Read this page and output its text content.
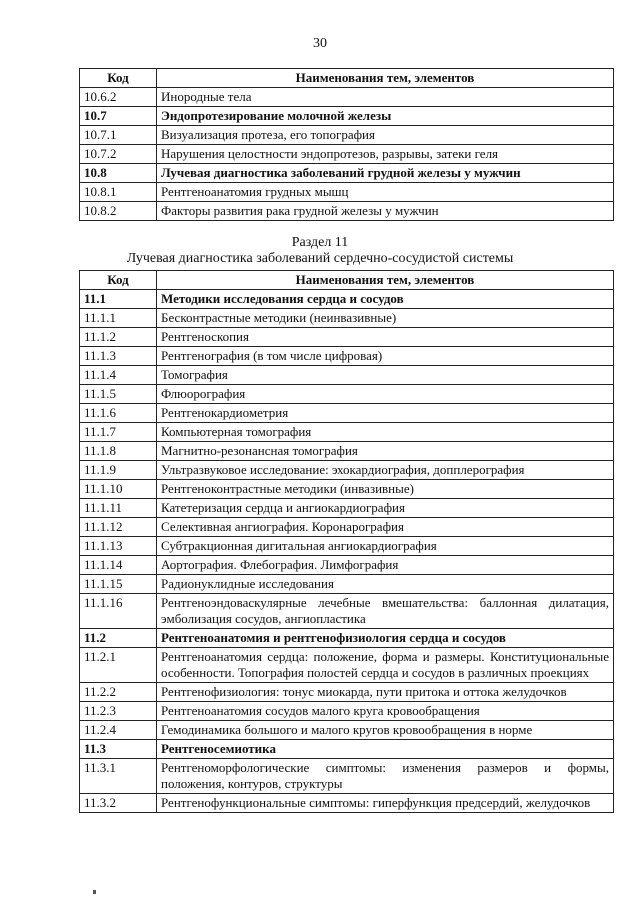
30
Код	Наименования тем, элементов
10.6.2	Инородные тела
10.7	Эндопротезирование молочной железы
10.7.1	Визуализация протеза, его топография
10.7.2	Нарушения целостности эндопротезов, разрывы, затеки геля
10.8	Лучевая диагностика заболеваний грудной железы у мужчин
10.8.1	Рентгеноанатомия грудных мышц
10.8.2	Факторы развития рака грудной железы у мужчин
Раздел 11
Лучевая диагностика заболеваний сердечно-сосудистой системы
Код	Наименования тем, элементов
11.1	Методики исследования сердца и сосудов
11.1.1	Бесконтрастные методики (неинвазивные)
11.1.2	Рентгеноскопия
11.1.3	Рентгенография (в том числе цифровая)
11.1.4	Томография
11.1.5	Флюорография
11.1.6	Рентгенокардиометрия
11.1.7	Компьютерная томография
11.1.8	Магнитно-резонансная томография
11.1.9	Ультразвуковое исследование: эхокардиография, допплерография
11.1.10	Рентгеноконтрастные методики (инвазивные)
11.1.11	Катетеризация сердца и ангиокардиография
11.1.12	Селективная ангиография. Коронарография
11.1.13	Субтракционная дигитальная ангиокардиография
11.1.14	Аортография. Флебография. Лимфография
11.1.15	Радионуклидные исследования
11.1.16	Рентгеноэндоваскулярные лечебные вмешательства: баллонная дилатация, эмболизация сосудов, ангиопластика
11.2	Рентгеноанатомия и рентгенофизиология сердца и сосудов
11.2.1	Рентгеноанатомия сердца: положение, форма и размеры. Конституциональные особенности. Топография полостей сердца и сосудов в различных проекциях
11.2.2	Рентгенофизиология: тонус миокарда, пути притока и оттока желудочков
11.2.3	Рентгеноанатомия сосудов малого круга кровообращения
11.2.4	Гемодинамика большого и малого кругов кровообращения в норме
11.3	Рентгеносемиотика
11.3.1	Рентгеноморфологические симптомы: изменения размеров и формы, положения, контуров, структуры
11.3.2	Рентгенофункциональные симптомы: гиперфункция предсердий, желудочков
